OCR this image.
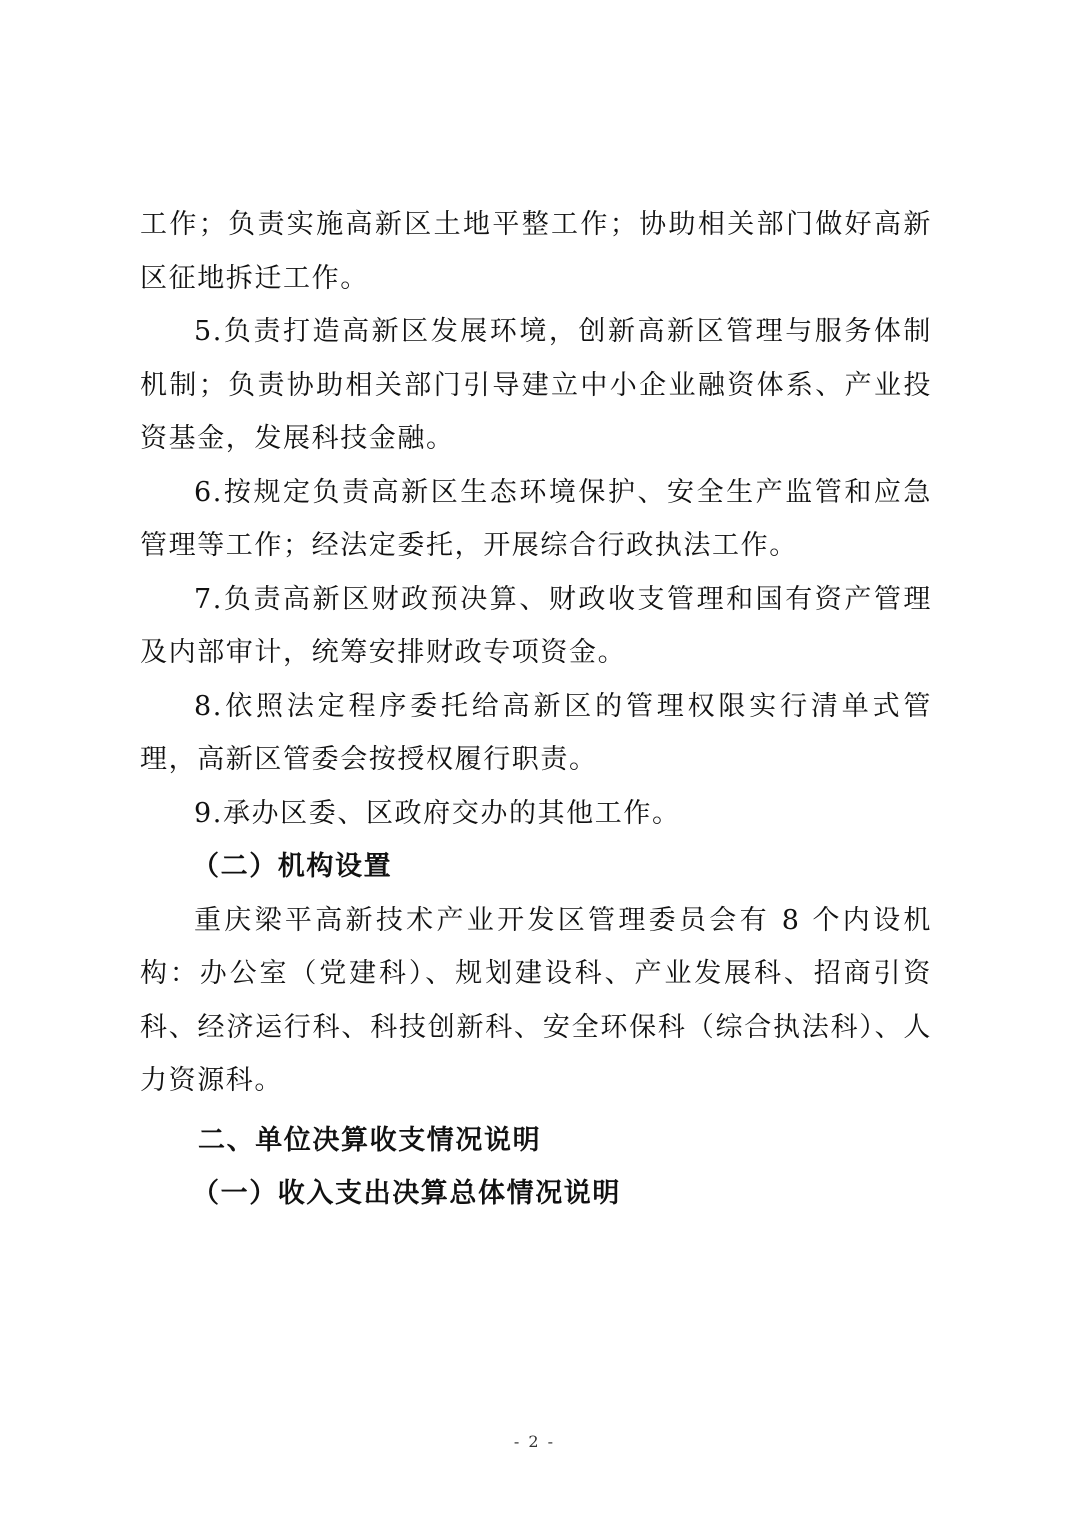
工作；负责实施高新区土地平整工作；协助相关部门做好高新区征地拆迁工作。

5.负责打造高新区发展环境，创新高新区管理与服务体制机制；负责协助相关部门引导建立中小企业融资体系、产业投资基金，发展科技金融。

6.按规定负责高新区生态环境保护、安全生产监管和应急管理等工作；经法定委托，开展综合行政执法工作。

7.负责高新区财政预决算、财政收支管理和国有资产管理及内部审计，统筹安排财政专项资金。

8.依照法定程序委托给高新区的管理权限实行清单式管理，高新区管委会按授权履行职责。

9.承办区委、区政府交办的其他工作。

（二）机构设置

重庆梁平高新技术产业开发区管理委员会有 8 个内设机构：办公室（党建科）、规划建设科、产业发展科、招商引资科、经济运行科、科技创新科、安全环保科（综合执法科）、人力资源科。

二、单位决算收支情况说明

（一）收入支出决算总体情况说明

- 2 -
